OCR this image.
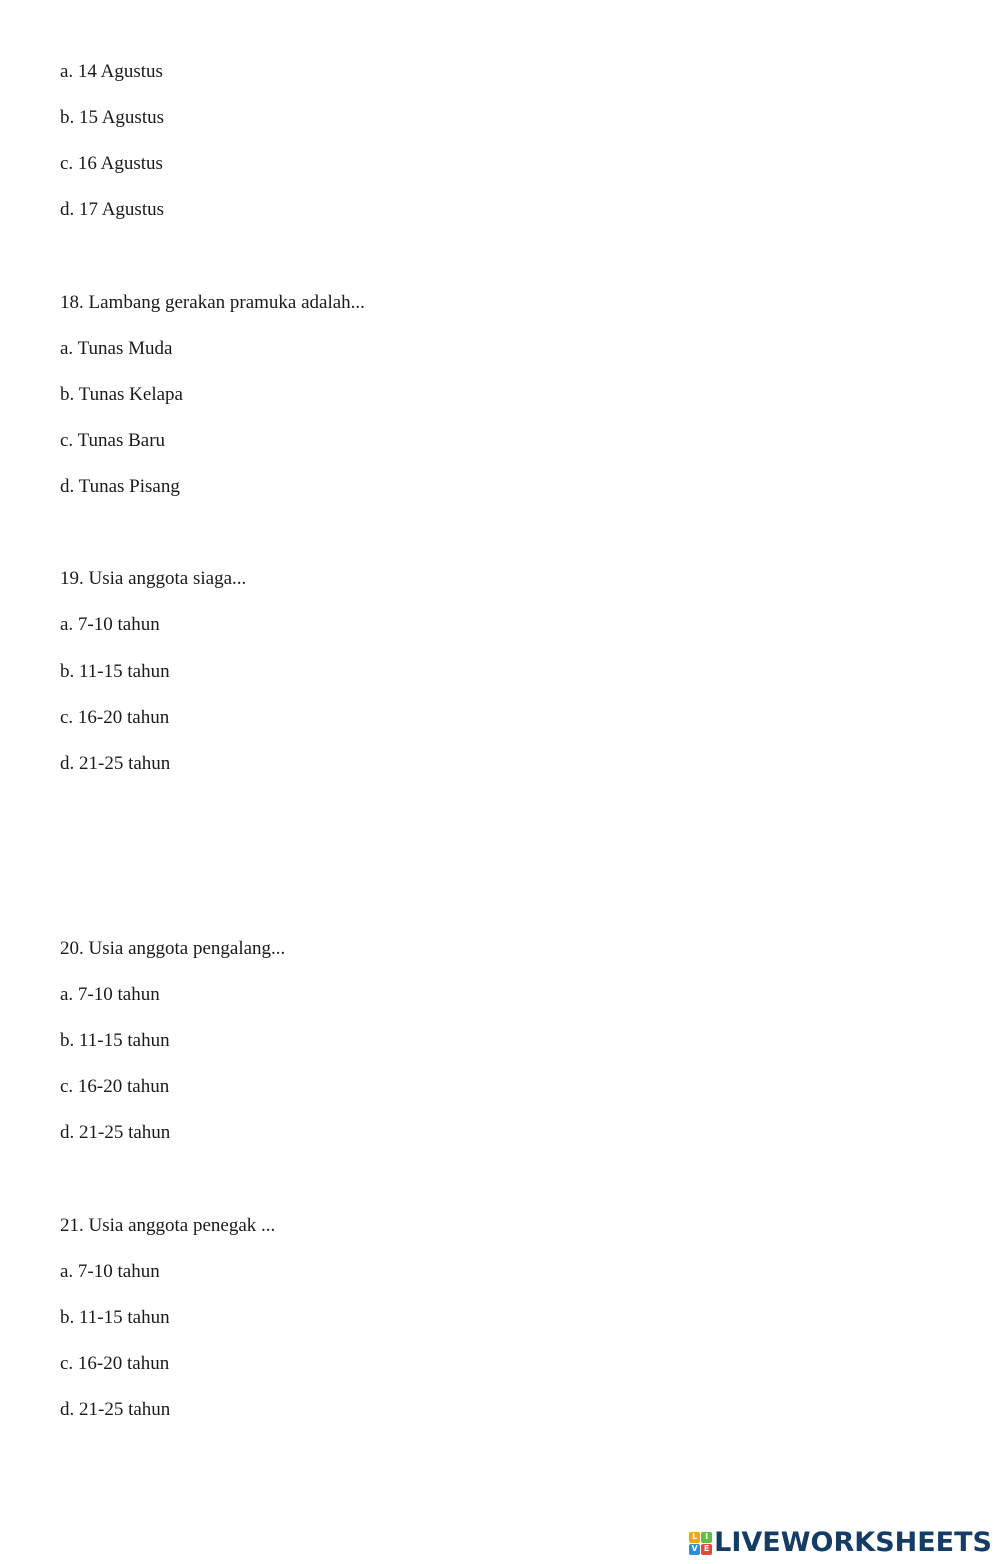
a. 14 Agustus
b. 15 Agustus
c. 16 Agustus
d. 17 Agustus
18. Lambang gerakan pramuka adalah...
a. Tunas Muda
b. Tunas Kelapa
c. Tunas Baru
d. Tunas Pisang
19. Usia anggota siaga...
a. 7-10 tahun
b. 11-15 tahun
c. 16-20 tahun
d. 21-25 tahun
20. Usia anggota pengalang...
a. 7-10 tahun
b. 11-15 tahun
c. 16-20 tahun
d. 21-25 tahun
21. Usia anggota penegak ...
a. 7-10 tahun
b. 11-15 tahun
c. 16-20 tahun
d. 21-25 tahun
L I
V E LIVEWORKSHEETS
